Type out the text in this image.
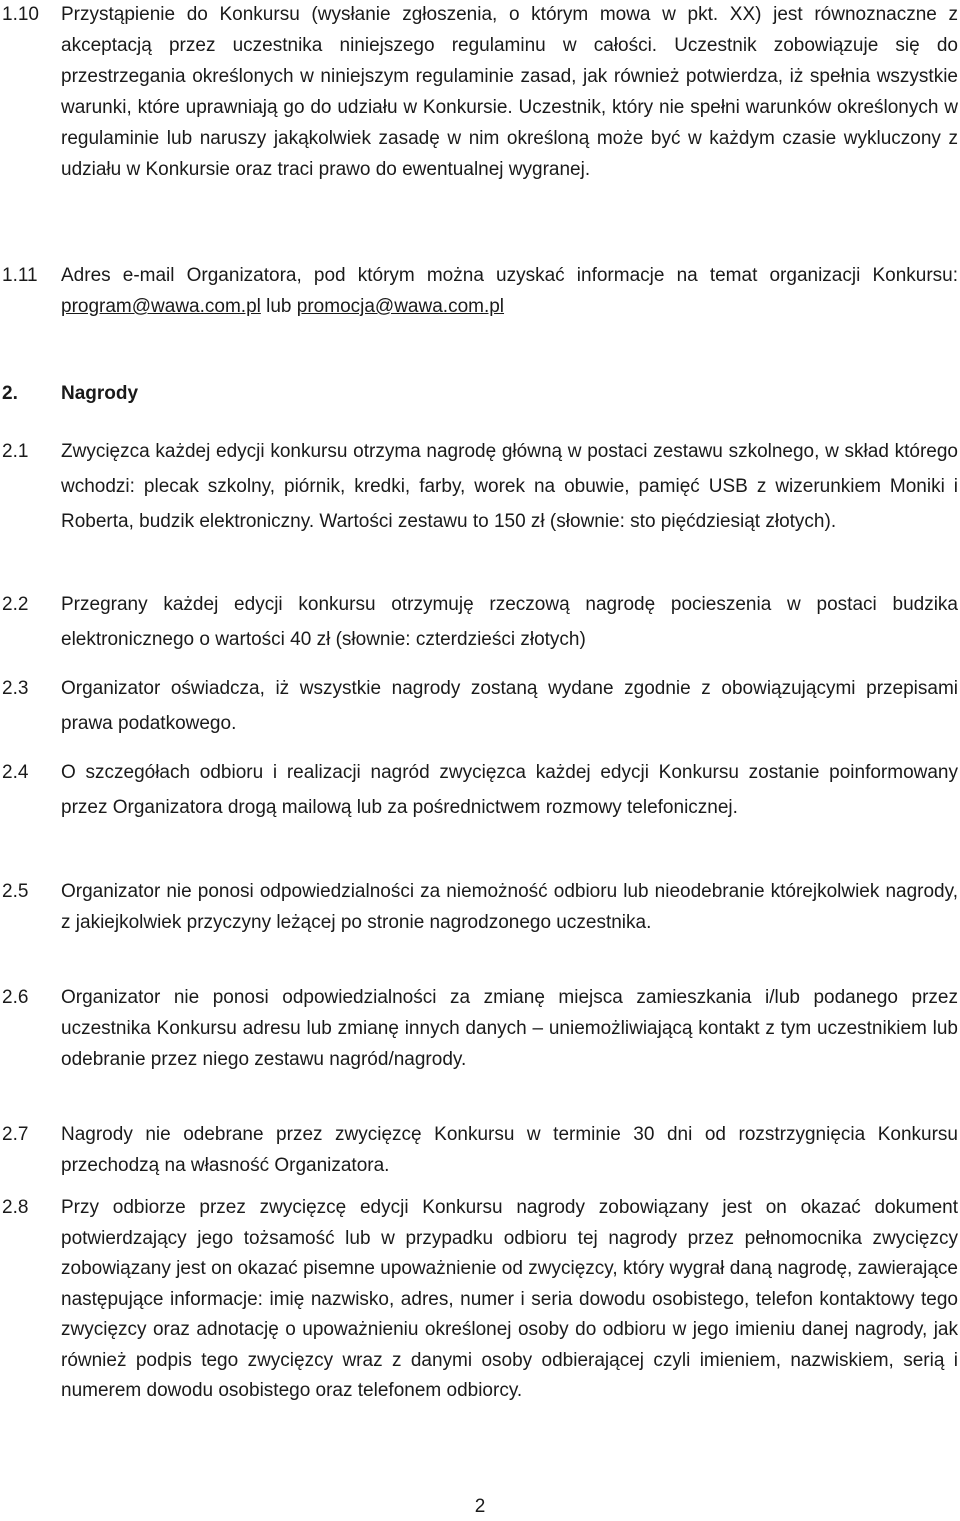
1.10 Przystąpienie do Konkursu (wysłanie zgłoszenia, o którym mowa w pkt. XX) jest równoznaczne z akceptacją przez uczestnika niniejszego regulaminu w całości. Uczestnik zobowiązuje się do przestrzegania określonych w niniejszym regulaminie zasad, jak również potwierdza, iż spełnia wszystkie warunki, które uprawniają go do udziału w Konkursie. Uczestnik, który nie spełni warunków określonych w regulaminie lub naruszy jakąkolwiek zasadę w nim określoną może być w każdym czasie wykluczony z udziału w Konkursie oraz traci prawo do ewentualnej wygranej.
1.11 Adres e-mail Organizatora, pod którym można uzyskać informacje na temat organizacji Konkursu: program@wawa.com.pl lub promocja@wawa.com.pl
2. Nagrody
2.1 Zwycięzca każdej edycji konkursu otrzyma nagrodę główną w postaci zestawu szkolnego, w skład którego wchodzi: plecak szkolny, piórnik, kredki, farby, worek na obuwie, pamięć USB z wizerunkiem Moniki i Roberta, budzik elektroniczny. Wartości zestawu to 150 zł (słownie: sto pięćdziesiąt złotych).
2.2 Przegrany każdej edycji konkursu otrzymuję rzeczową nagrodę pocieszenia w postaci budzika elektronicznego o wartości 40 zł (słownie: czterdzieści złotych)
2.3 Organizator oświadcza, iż wszystkie nagrody zostaną wydane zgodnie z obowiązującymi przepisami prawa podatkowego.
2.4 O szczegółach odbioru i realizacji nagród zwycięzca każdej edycji Konkursu zostanie poinformowany przez Organizatora drogą mailową lub za pośrednictwem rozmowy telefonicznej.
2.5 Organizator nie ponosi odpowiedzialności za niemożność odbioru lub nieodebranie którejkolwiek nagrody, z jakiejkolwiek przyczyny leżącej po stronie nagrodzonego uczestnika.
2.6 Organizator nie ponosi odpowiedzialności za zmianę miejsca zamieszkania i/lub podanego przez uczestnika Konkursu adresu lub zmianę innych danych – uniemożliwiającą kontakt z tym uczestnikiem lub odebranie przez niego zestawu nagród/nagrody.
2.7 Nagrody nie odebrane przez zwycięzcę Konkursu w terminie 30 dni od rozstrzygnięcia Konkursu przechodzą na własność Organizatora.
2.8 Przy odbiorze przez zwycięzcę edycji Konkursu nagrody zobowiązany jest on okazać dokument potwierdzający jego tożsamość lub w przypadku odbioru tej nagrody przez pełnomocnika zwycięzcy zobowiązany jest on okazać pisemne upoważnienie od zwycięzcy, który wygrał daną nagrodę, zawierające następujące informacje: imię nazwisko, adres, numer i seria dowodu osobistego, telefon kontaktowy tego zwycięzcy oraz adnotację o upoważnieniu określonej osoby do odbioru w jego imieniu danej nagrody, jak również podpis tego zwycięzcy wraz z danymi osoby odbierającej czyli imieniem, nazwiskiem, serią i numerem dowodu osobistego oraz telefonem odbiorcy.
2
